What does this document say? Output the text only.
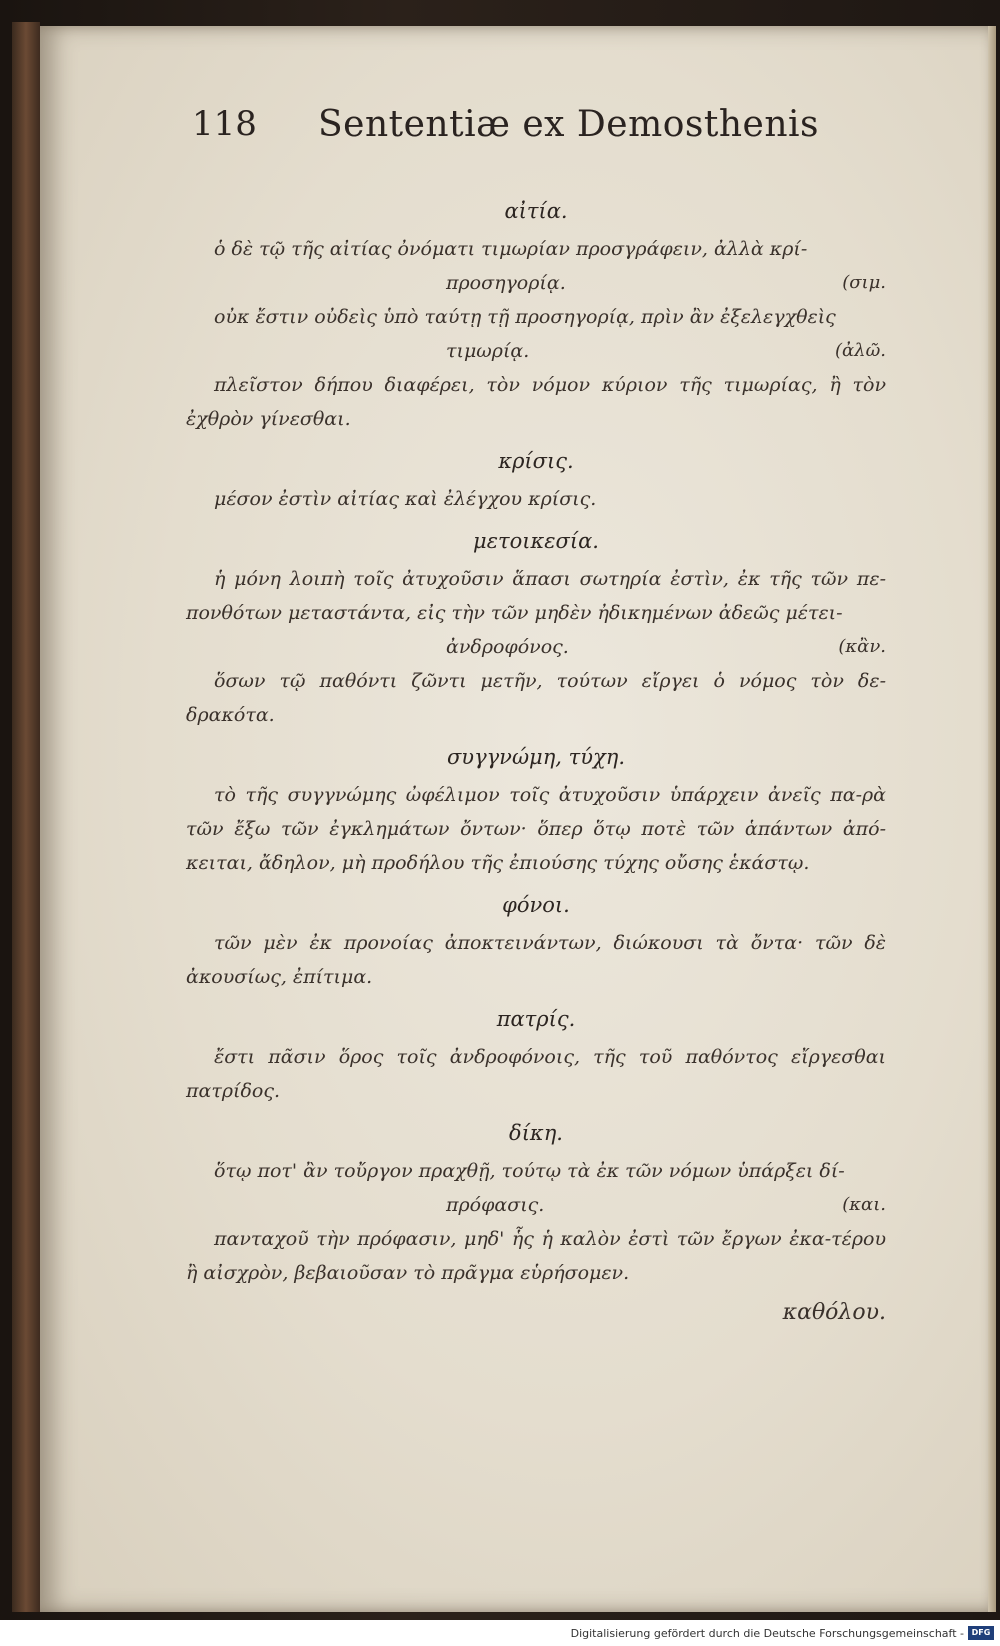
118 Sententiæ ex Demosthenis
αἰτία.

ὁ δὲ τῷ τῆς αἰτίας ὀνόματι τιμωρίαν προσγράφειν, ἀλλὰ κρί-

προσηγορίᾳ.	(σιμ.

οὐκ ἔστιν οὐδεὶς ὑπὸ ταύτῃ τῇ προσηγορίᾳ, πρὶν ἂν ἐξελεγχθεὶς

τιμωρίᾳ.	(ἀλῶ.

πλεῖστον δήπου διαφέρει, τὸν νόμον κύριον τῆς τιμωρίας, ἢ τὸν ἐχθρὸν γίνεσθαι.

κρίσις.

μέσον ἐστὶν αἰτίας καὶ ἐλέγχου κρίσις.

μετοικεσία.

ἡ μόνη λοιπὴ τοῖς ἀτυχοῦσιν ἅπασι σωτηρία ἐστὶν, ἐκ τῆς τῶν πε-πονθότων μεταστάντα, εἰς τὴν τῶν μηδὲν ἠδικημένων ἀδεῶς μέτει-

ἀνδροφόνος.	(κἂν.

ὅσων τῷ παθόντι ζῶντι μετῆν, τούτων εἴργει ὁ νόμος τὸν δε-δρακότα.

συγγνώμη, τύχη.

τὸ τῆς συγγνώμης ὠφέλιμον τοῖς ἀτυχοῦσιν ὑπάρχειν ἀνεῖς πα-ρὰ τῶν ἔξω τῶν ἐγκλημάτων ὄντων· ὅπερ ὅτῳ ποτὲ τῶν ἁπάντων ἀπό-κειται, ἄδηλον, μὴ προδήλου τῆς ἐπιούσης τύχης οὔσης ἑκάστῳ.

φόνοι.

τῶν μὲν ἐκ προνοίας ἀποκτεινάντων, διώκουσι τὰ ὄντα· τῶν δὲ ἀκουσίως, ἐπίτιμα.

πατρίς.

ἔστι πᾶσιν ὅρος τοῖς ἀνδροφόνοις, τῆς τοῦ παθόντος εἴργεσθαι πατρίδος.

δίκη.

ὅτῳ ποτ' ἂν τοὔργον πραχθῇ, τούτῳ τὰ ἐκ τῶν νόμων ὑπάρξει δί-

πρόφασις.	(και.

πανταχοῦ τὴν πρόφασιν, μηδ' ἧς ἡ καλὸν ἐστὶ τῶν ἔργων ἐκα-τέρου ἢ αἰσχρὸν, βεβαιοῦσαν τὸ πρᾶγμα εὑρήσομεν.

καθόλου.
Digitalisierung gefördert durch die Deutsche Forschungsgemeinschaft - DFG
